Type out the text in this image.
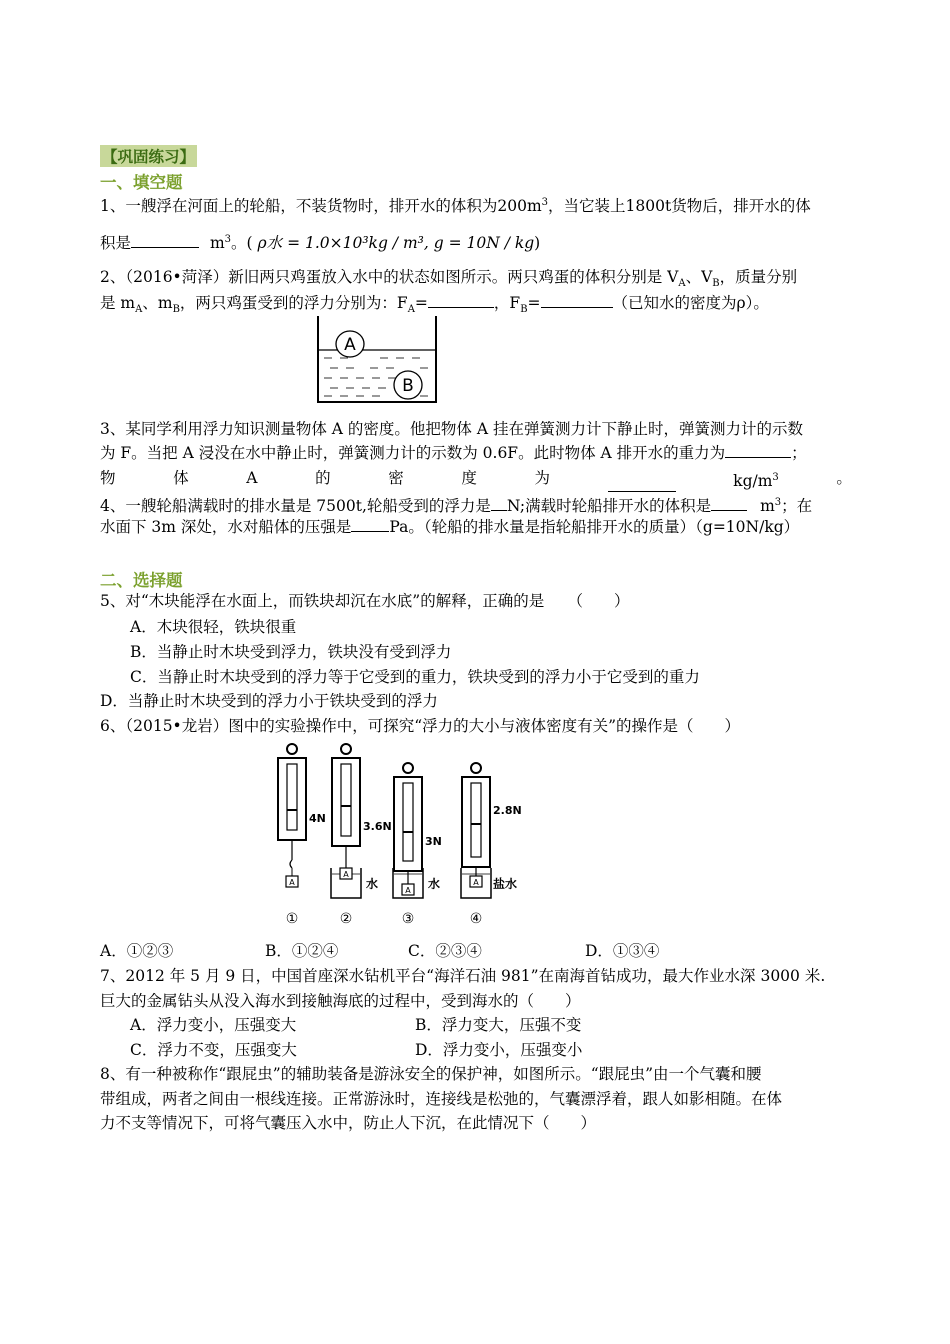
【巩固练习】
一、填空题
1、一艘浮在河面上的轮船，不装货物时，排开水的体积为$200m^3$，当它装上1800t货物后，排开水的体
积是	$m^3$。( ρ水 = 1.0×10³kg / m³, g = 10N / kg)
2、（2016•菏泽）新旧两只鸡蛋放入水中的状态如图所示。两只鸡蛋的体积分别是 $V_A$、$V_B$，质量分别
是 $m_A$、$m_B$，两只鸡蛋受到的浮力分别为：$F_A=$	，$F_B=$	（已知水的密度为ρ）。
A
B
3、某同学利用浮力知识测量物体 A 的密度。他把物体 A 挂在弹簧测力计下静止时，弹簧测力计的示数
为 F。当把 A 浸没在水中静止时，弹簧测力计的示数为 0.6F。此时物体 A 排开水的重力为	；
物	体	A	的	密	度	为	$kg/m^3$	。
4、一艘轮船满载时的排水量是 7500t,轮船受到的浮力是 N;满载时轮船排开水的体积是	$m^3$；在
水面下 3m 深处，水对船体的压强是 Pa。（轮船的排水量是指轮船排开水的质量）（g=10N/kg）
二、选择题
5、对“木块能浮在水面上，而铁块却沉在水底”的解释，正确的是　　（　　）
A．木块很轻，铁块很重
B．当静止时木块受到浮力，铁块没有受到浮力
C．当静止时木块受到的浮力等于它受到的重力，铁块受到的浮力小于它受到的重力
D．当静止时木块受到的浮力小于铁块受到的浮力
6、（2015•龙岩）图中的实验操作中，可探究“浮力的大小与液体密度有关”的操作是（　　）
A
4N
A
3.6N
水	A
3N
水	A
2.8N
盐水
①	②	③	④
A．①②③	B．①②④	C．②③④	D．①③④
7、2012 年 5 月 9 日，中国首座深水钻机平台“海洋石油 981”在南海首钻成功，最大作业水深 3000 米.
巨大的金属钻头从没入海水到接触海底的过程中，受到海水的（　　）
A．浮力变小，压强变大	B．浮力变大，压强不变
C．浮力不变，压强变大	D．浮力变小，压强变小
8、有一种被称作“跟屁虫”的辅助装备是游泳安全的保护神，如图所示。“跟屁虫”由一个气囊和腰
带组成，两者之间由一根线连接。正常游泳时，连接线是松弛的，气囊漂浮着，跟人如影相随。在体
力不支等情况下，可将气囊压入水中，防止人下沉，在此情况下（　　）
